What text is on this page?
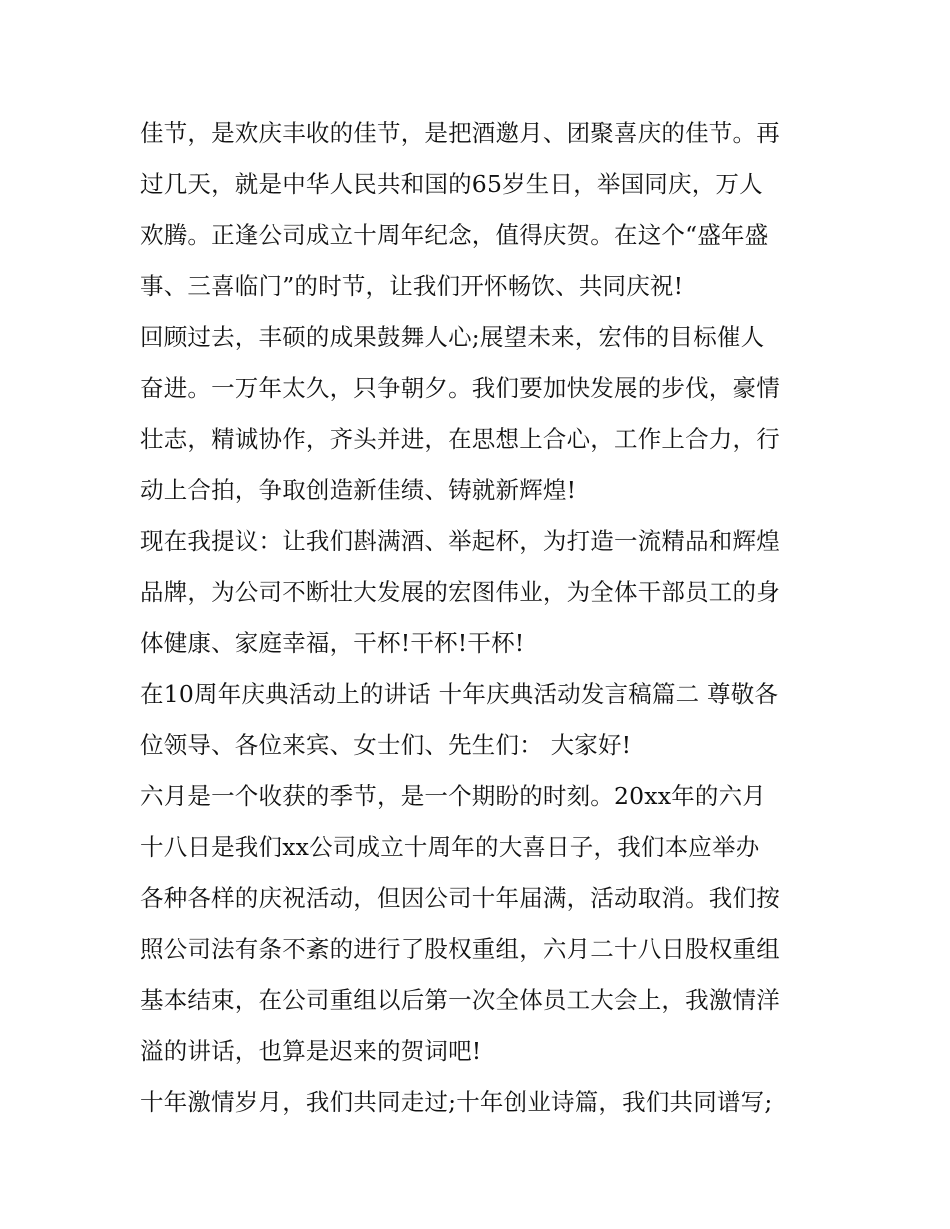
佳节，是欢庆丰收的佳节，是把酒邀月、团聚喜庆的佳节。再
过几天，就是中华人民共和国的65岁生日，举国同庆，万人
欢腾。正逢公司成立十周年纪念，值得庆贺。在这个“盛年盛
事、三喜临门”的时节，让我们开怀畅饮、共同庆祝!
回顾过去，丰硕的成果鼓舞人心;展望未来，宏伟的目标催人
奋进。一万年太久，只争朝夕。我们要加快发展的步伐，豪情
壮志，精诚协作，齐头并进，在思想上合心，工作上合力，行
动上合拍，争取创造新佳绩、铸就新辉煌!
现在我提议：让我们斟满酒、举起杯，为打造一流精品和辉煌
品牌，为公司不断壮大发展的宏图伟业，为全体干部员工的身
体健康、家庭幸福，干杯!干杯!干杯!
在10周年庆典活动上的讲话 十年庆典活动发言稿篇二 尊敬各
位领导、各位来宾、女士们、先生们： 大家好!
六月是一个收获的季节，是一个期盼的时刻。20xx年的六月
十八日是我们xx公司成立十周年的大喜日子，我们本应举办
各种各样的庆祝活动，但因公司十年届满，活动取消。我们按
照公司法有条不紊的进行了股权重组，六月二十八日股权重组
基本结束，在公司重组以后第一次全体员工大会上，我激情洋
溢的讲话，也算是迟来的贺词吧!
十年激情岁月，我们共同走过;十年创业诗篇，我们共同谱写;
